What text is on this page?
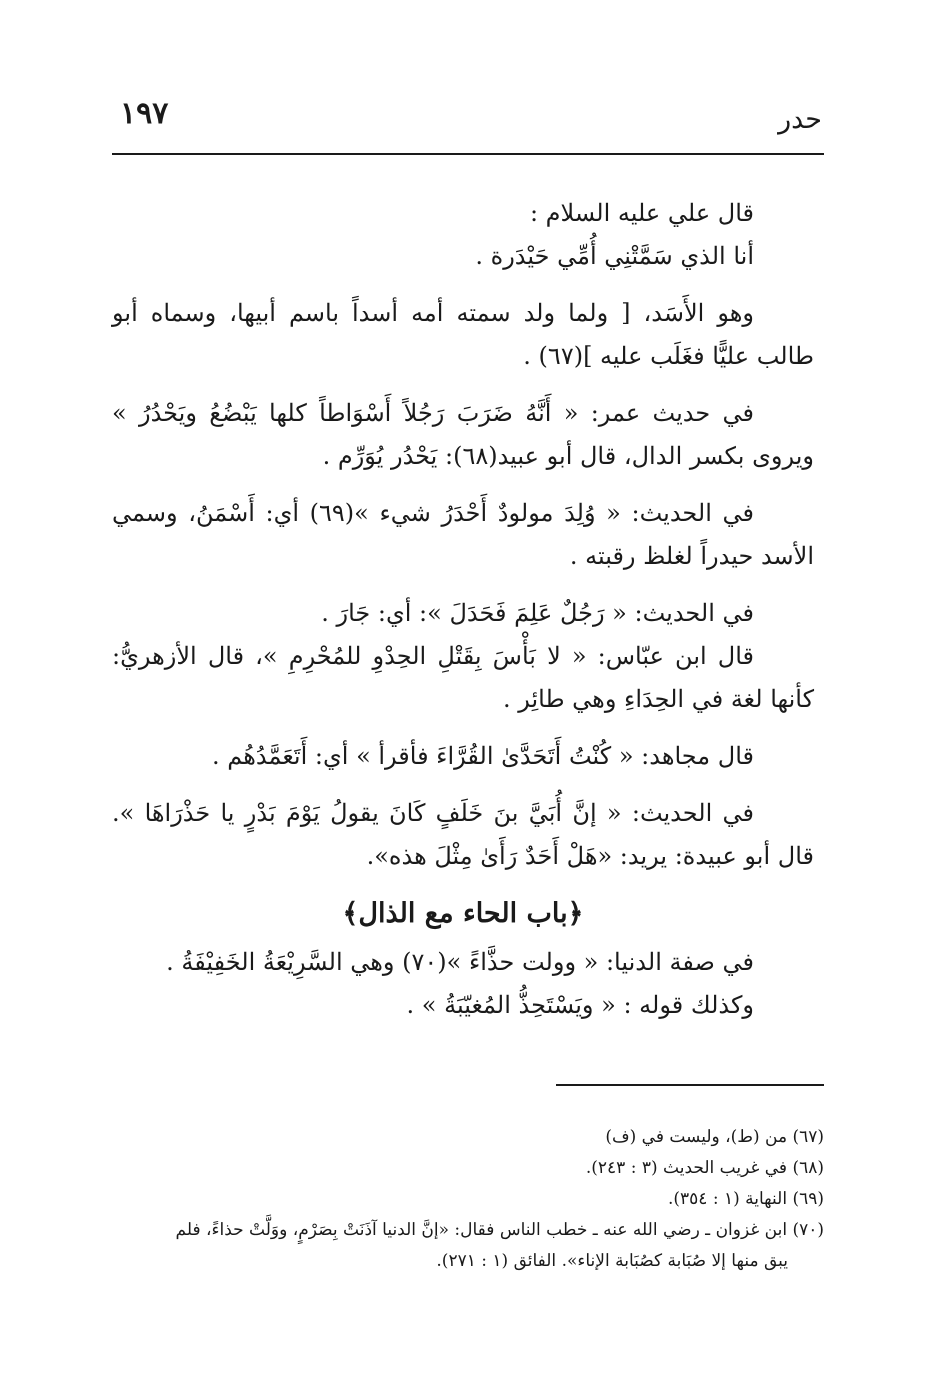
١٩٧	حدر

قال علي عليه السلام :

أنا الذي سَمَّتْنِي أُمِّي حَيْدَرة .

وهو الأَسَد، [ ولما ولد سمته أمه أسداً باسم أبيها، وسماه أبو طالب عليًّا فغَلَب عليه ](٦٧) .

في حديث عمر: « أَنَّهُ ضَرَبَ رَجُلاً أَسْوَاطاً كلها يَبْضُعُ ويَحْدُرُ » ويروى بكسر الدال، قال أبو عبيد(٦٨): يَحْدُر يُوَرِّم .

في الحديث: « وُلِدَ مولودٌ أَحْدَرُ شيء »(٦٩) أي: أَسْمَنُ، وسمي الأسد حيدراً لغلظ رقبته .

في الحديث: « رَجُلٌ عَلِمَ فَحَدَلَ »: أي: جَارَ .

قال ابن عبّاس: « لا بَأْسَ بِقَتْلِ الحِدْوِ للمُحْرِمِ »، قال الأزهريُّ: كأنها لغة في الحِدَاءِ وهي طائِر .

قال مجاهد: « كُنْتُ أَتَحَدَّىٰ القُرَّاءَ فأقرأ » أي: أَتَعَمَّدُهُم .

في الحديث: « إنَّ أُبَيَّ بنَ خَلَفٍ كَانَ يقولُ يَوْمَ بَدْرٍ يا حَذْرَاهَا ». قال أبو عبيدة: يريد: «هَلْ أَحَدٌ رَأَىٰ مِثْلَ هذه».

﴿باب الحاء مع الذال﴾

في صفة الدنيا: « وولت حذَّاءً »(٧٠) وهي السَّرِيْعَةُ الخَفِيْفَةُ .

وكذلك قوله : « ويَسْتَحِذُّ المُغيّبَةُ » .

(٦٧) من (ط)، وليست في (ف)

(٦٨) في غريب الحديث (٣ : ٢٤٣).

(٦٩) النهاية (١ : ٣٥٤).

(٧٠) ابن غزوان ـ رضي الله عنه ـ خطب الناس فقال: «إنَّ الدنيا آذَنَتْ بِصَرْمٍ، ووَلَّتْ حذاءً، فلم

يبق منها إلا صُبَابة كصُبَابة الإناء». الفائق (١ : ٢٧١).
